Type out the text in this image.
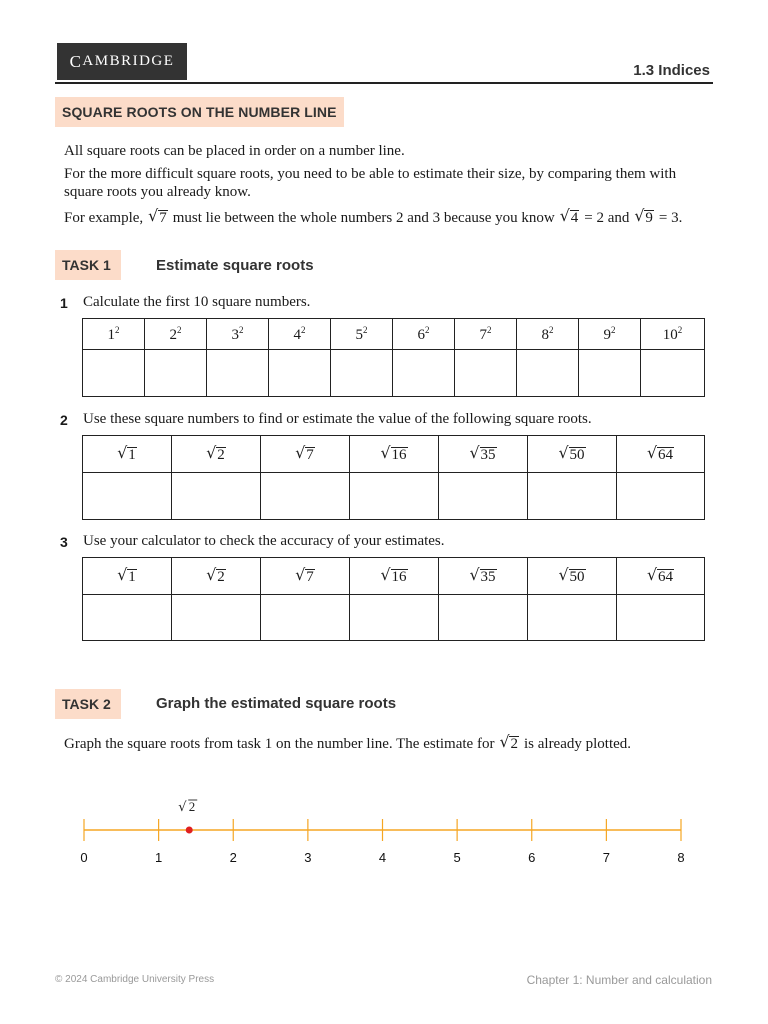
C AMBRIDGE
1.3 Indices
SQUARE ROOTS ON THE NUMBER LINE
All square roots can be placed in order on a number line.
For the more difficult square roots, you need to be able to estimate their size, by comparing them with square roots you already know.
For example, √ 7 must lie between the whole numbers 2 and 3 because you know √ 4 = 2 and √ 9 = 3.
TASK 1	Estimate square roots
1 Calculate the first 10 square numbers.
$1^2$	$2^2$	$3^2$	$4^2$	$5^2$	$6^2$	$7^2$	$8^2$	$9^2$	$10^2$

2 Use these square numbers to find or estimate the value of the following square roots.
√ 1	√ 2	√ 7	√ 16	√ 35	√ 50	√ 64

3 Use your calculator to check the accuracy of your estimates.
√ 1	√ 2	√ 7	√ 16	√ 35	√ 50	√ 64

TASK 2	Graph the estimated square roots
Graph the square roots from task 1 on the number line. The estimate for √ 2 is already plotted.
0	1	2	3	4	5	6	7	8
√ 2
© 2024 Cambridge University Press	Chapter 1: Number and calculation
